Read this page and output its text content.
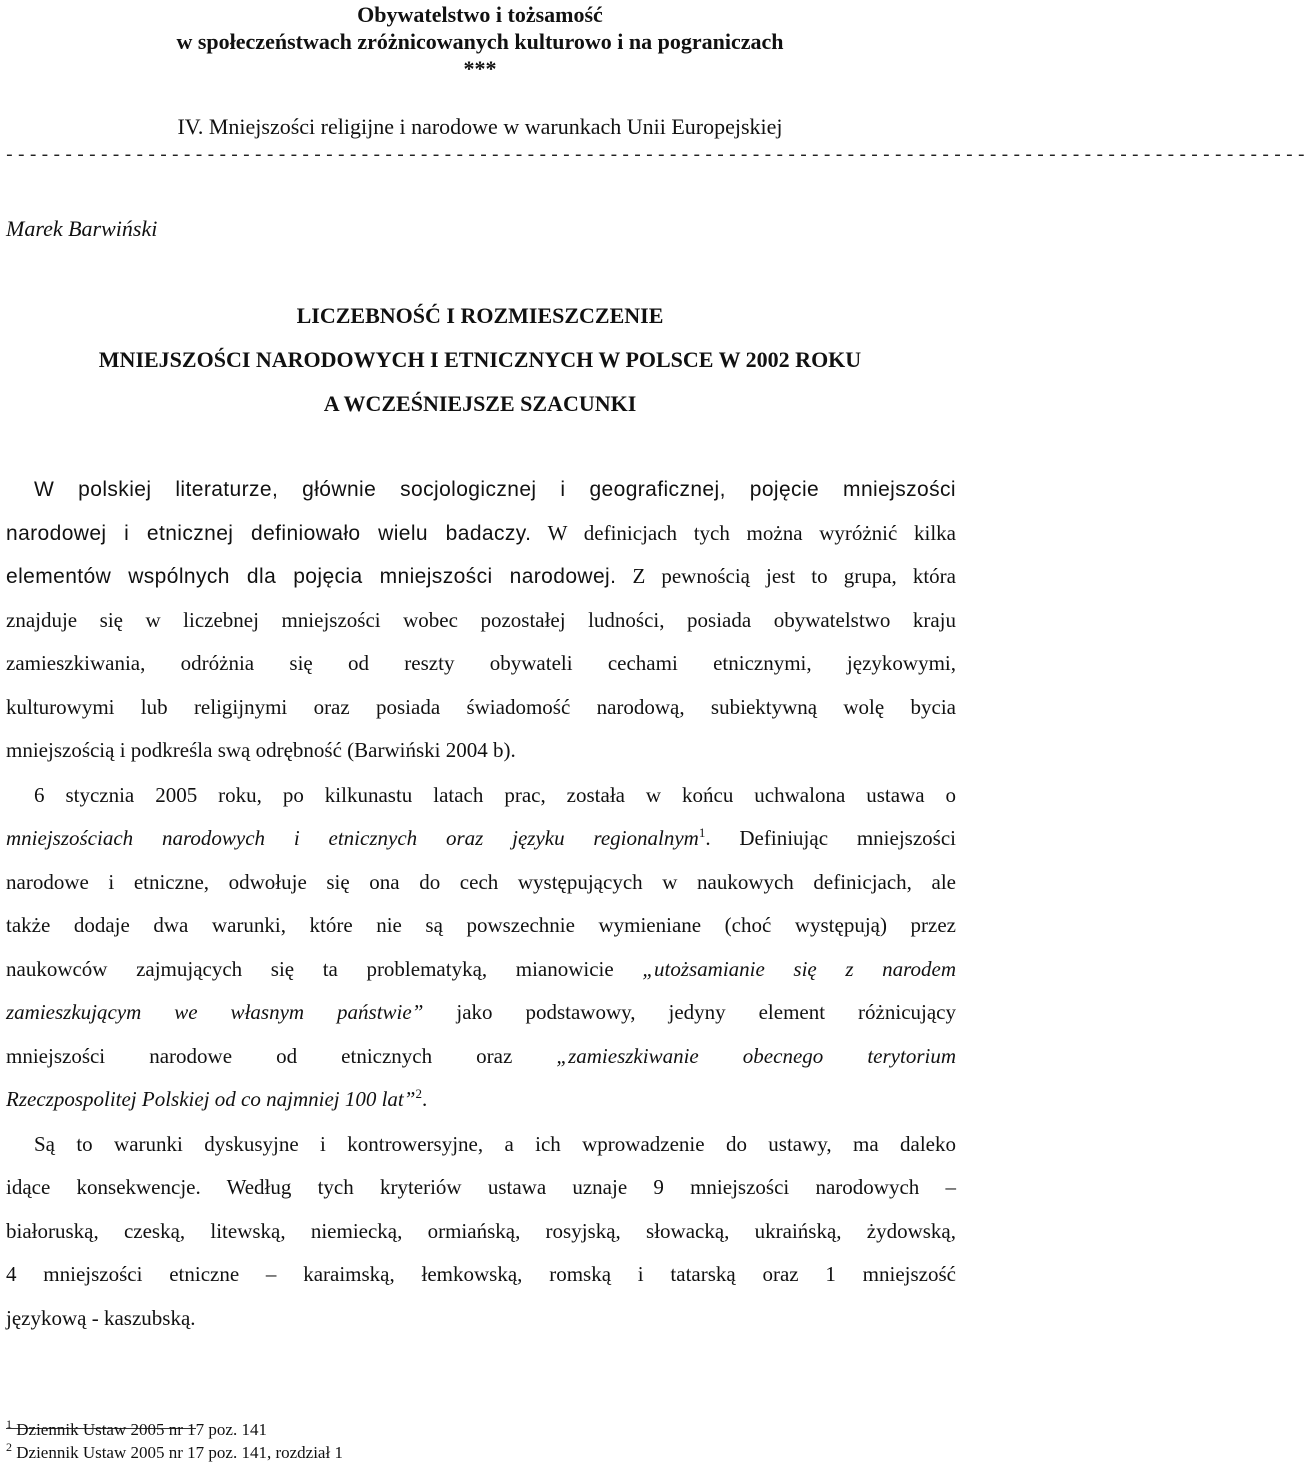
Obywatelstwo i tożsamość
w społeczeństwach zróżnicowanych kulturowo i na pograniczach
***
IV. Mniejszości religijne i narodowe w warunkach Unii Europejskiej
--------------------------------------------------------------------------------------------------------------
Marek Barwiński
LICZEBNOŚĆ I ROZMIESZCZENIE
MNIEJSZOŚCI NARODOWYCH I ETNICZNYCH W POLSCE W 2002 ROKU
A WCZEŚNIEJSZE SZACUNKI
W polskiej literaturze, głównie socjologicznej i geograficznej, pojęcie mniejszości
narodowej i etnicznej definiowało wielu badaczy. W definicjach tych można wyróżnić kilka
elementów wspólnych dla pojęcia mniejszości narodowej. Z pewnością jest to grupa, która
znajduje się w liczebnej mniejszości wobec pozostałej ludności, posiada obywatelstwo kraju
zamieszkiwania, odróżnia się od reszty obywateli cechami etnicznymi, językowymi,
kulturowymi lub religijnymi oraz posiada świadomość narodową, subiektywną wolę bycia
mniejszością i podkreśla swą odrębność (Barwiński 2004 b).
6 stycznia 2005 roku, po kilkunastu latach prac, została w końcu uchwalona ustawa o
mniejszościach narodowych i etnicznych oraz języku regionalnym$^1$. Definiując mniejszości
narodowe i etniczne, odwołuje się ona do cech występujących w naukowych definicjach, ale
także dodaje dwa warunki, które nie są powszechnie wymieniane (choć występują) przez
naukowców zajmujących się ta problematyką, mianowicie „utożsamianie się z narodem
zamieszkującym we własnym państwie” jako podstawowy, jedyny element różnicujący
mniejszości narodowe od etnicznych oraz „zamieszkiwanie obecnego terytorium
Rzeczpospolitej Polskiej od co najmniej 100 lat”$^2$.
Są to warunki dyskusyjne i kontrowersyjne, a ich wprowadzenie do ustawy, ma daleko
idące konsekwencje. Według tych kryteriów ustawa uznaje 9 mniejszości narodowych –
białoruską, czeską, litewską, niemiecką, ormiańską, rosyjską, słowacką, ukraińską, żydowską,
4 mniejszości etniczne – karaimską, łemkowską, romską i tatarską oraz 1 mniejszość
językową - kaszubską.
$^1$ Dziennik Ustaw 2005 nr 17 poz. 141
$^2$ Dziennik Ustaw 2005 nr 17 poz. 141, rozdział 1
